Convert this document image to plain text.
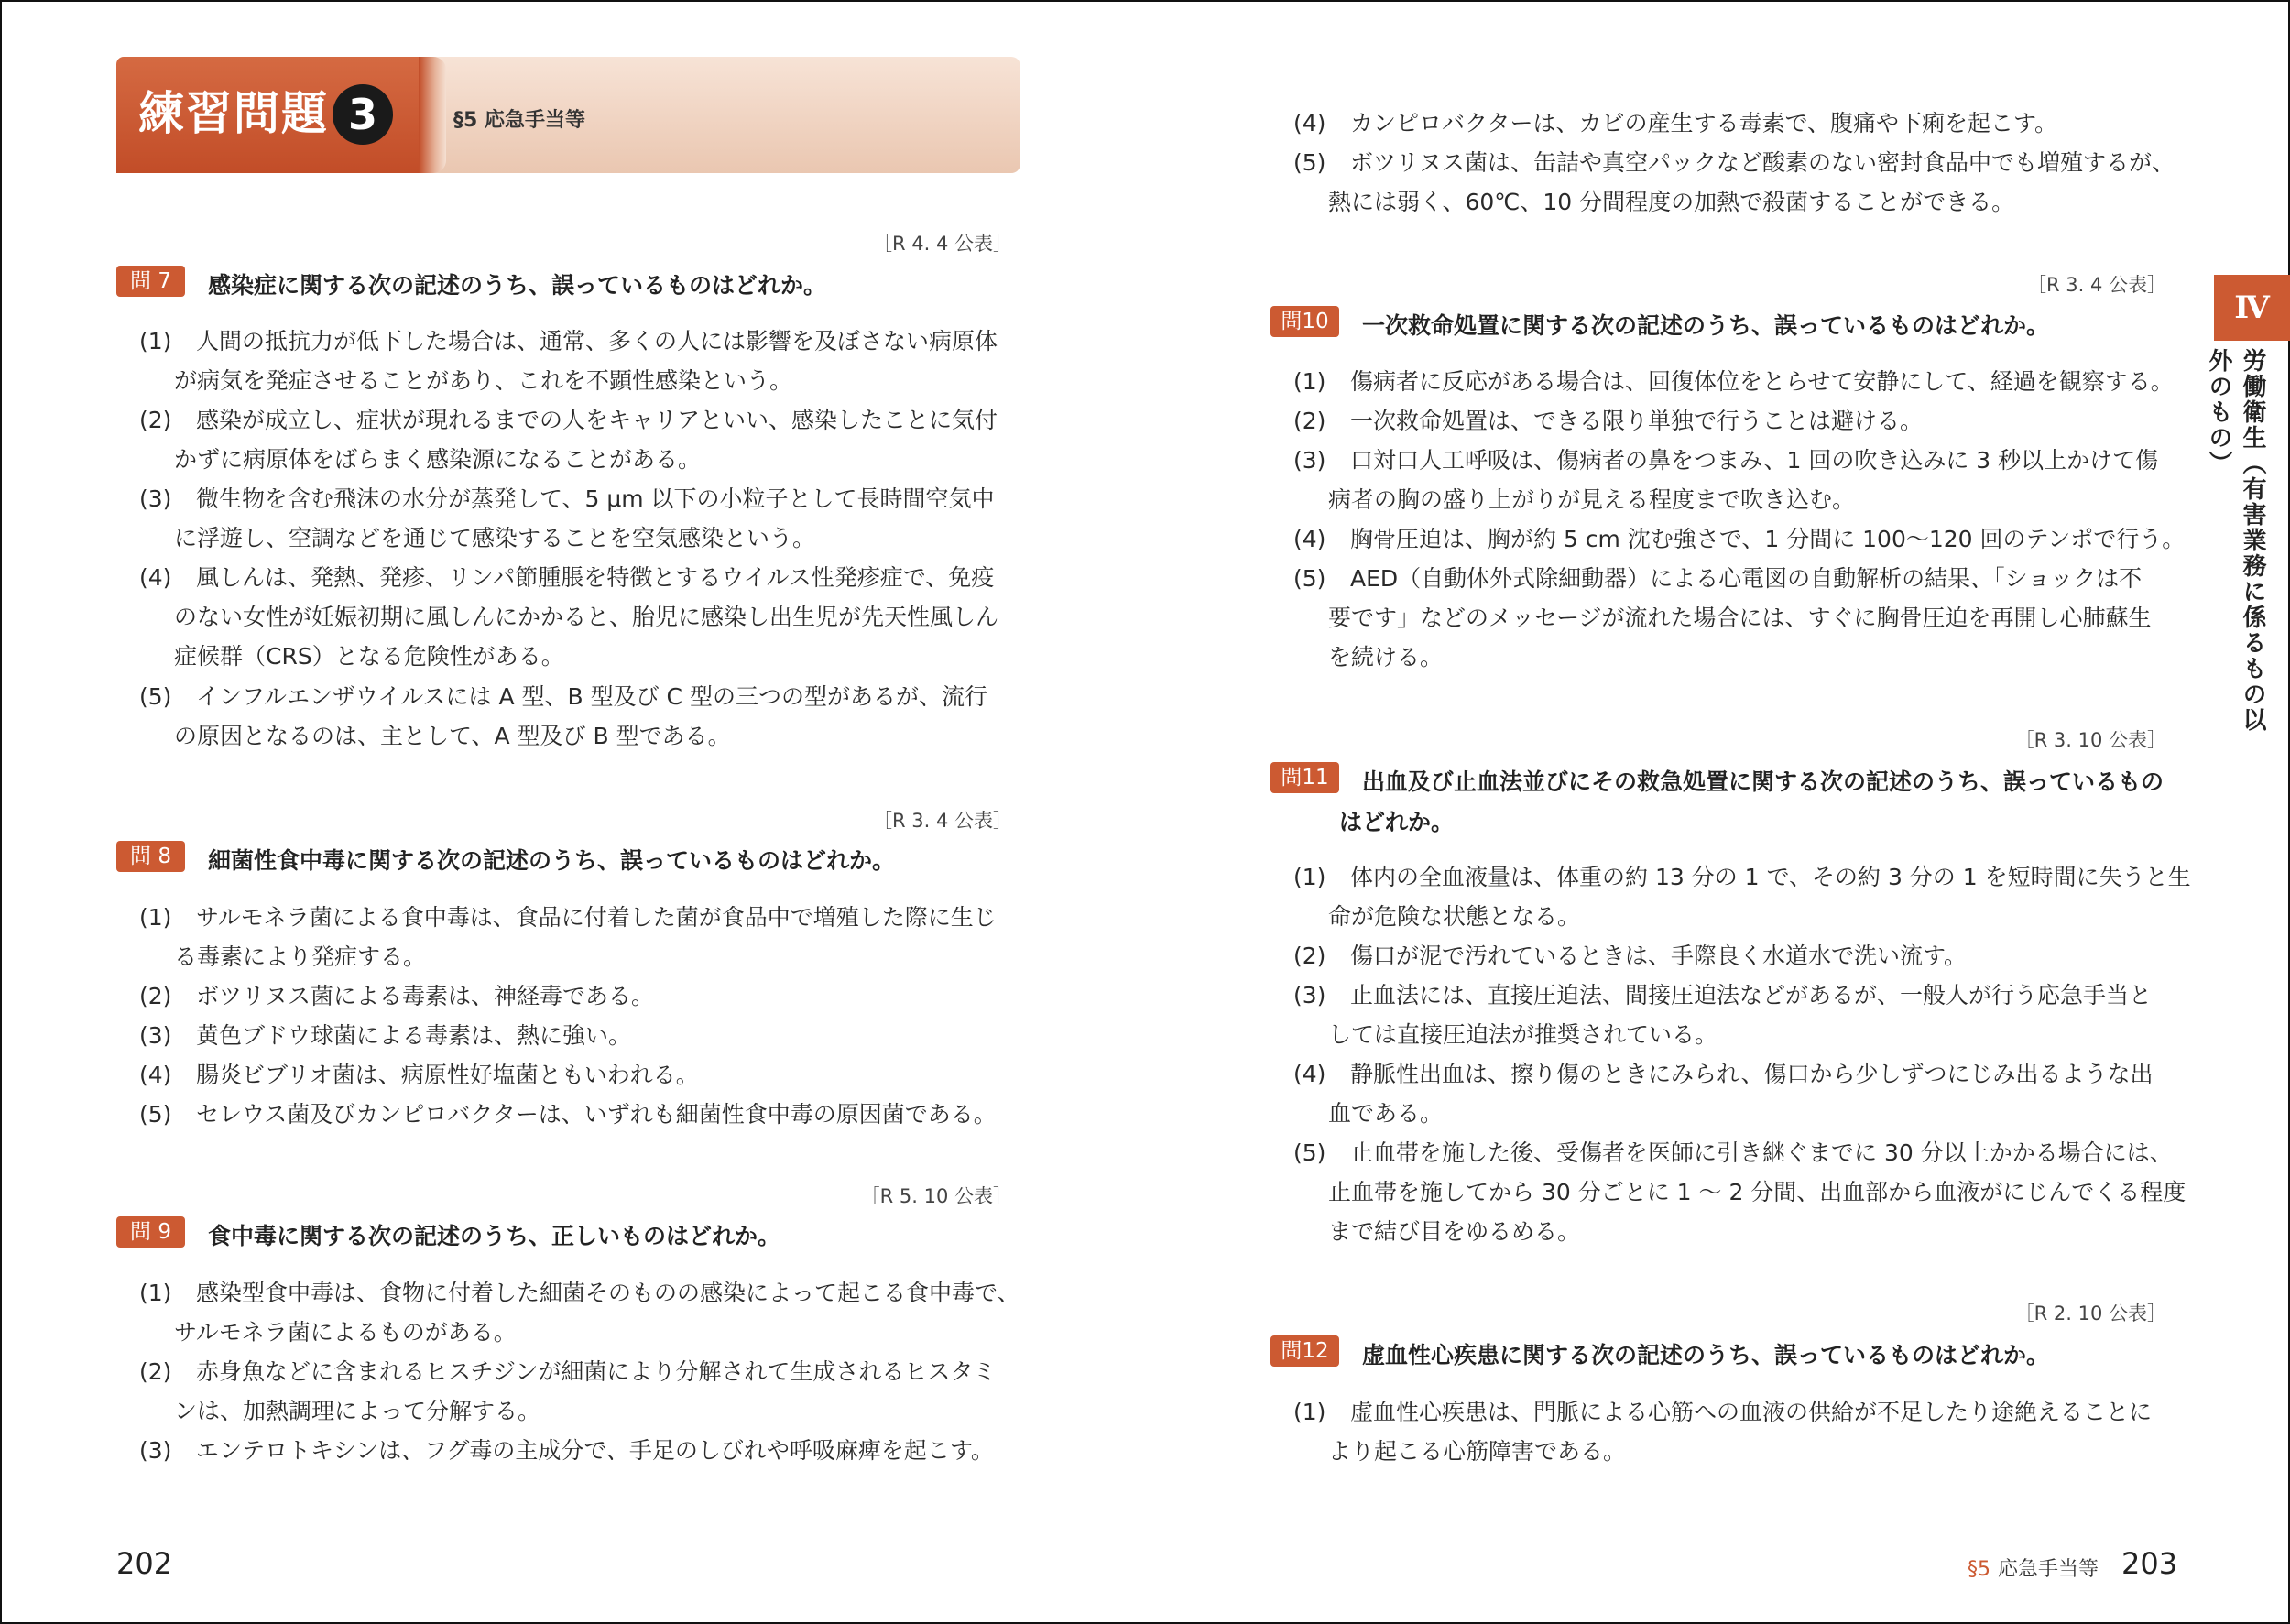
練習問題 3	§5 応急手当等
［R 4. 4 公表］
問 7	感染症に関する次の記述のうち、誤っているものはどれか。
(1)	人間の抵抗力が低下した場合は、通常、多くの人には影響を及ぼさない病原体
が病気を発症させることがあり、これを不顕性感染という。
(2)	感染が成立し、症状が現れるまでの人をキャリアといい、感染したことに気付
かずに病原体をばらまく感染源になることがある。
(3)	微生物を含む飛沫の水分が蒸発して、5 μm 以下の小粒子として長時間空気中
に浮遊し、空調などを通じて感染することを空気感染という。
(4)	風しんは、発熱、発疹、リンパ節腫脹を特徴とするウイルス性発疹症で、免疫
のない女性が妊娠初期に風しんにかかると、胎児に感染し出生児が先天性風しん
症候群（CRS）となる危険性がある。
(5)	インフルエンザウイルスには A 型、B 型及び C 型の三つの型があるが、流行
の原因となるのは、主として、A 型及び B 型である。
［R 3. 4 公表］
問 8	細菌性食中毒に関する次の記述のうち、誤っているものはどれか。
(1)	サルモネラ菌による食中毒は、食品に付着した菌が食品中で増殖した際に生じ
る毒素により発症する。
(2)	ボツリヌス菌による毒素は、神経毒である。
(3)	黄色ブドウ球菌による毒素は、熱に強い。
(4)	腸炎ビブリオ菌は、病原性好塩菌ともいわれる。
(5)	セレウス菌及びカンピロバクターは、いずれも細菌性食中毒の原因菌である。
［R 5. 10 公表］
問 9	食中毒に関する次の記述のうち、正しいものはどれか。
(1)	感染型食中毒は、食物に付着した細菌そのものの感染によって起こる食中毒で、
サルモネラ菌によるものがある。
(2)	赤身魚などに含まれるヒスチジンが細菌により分解されて生成されるヒスタミ
ンは、加熱調理によって分解する。
(3)	エンテロトキシンは、フグ毒の主成分で、手足のしびれや呼吸麻痺を起こす。
(4)	カンピロバクターは、カビの産生する毒素で、腹痛や下痢を起こす。
(5)	ボツリヌス菌は、缶詰や真空パックなど酸素のない密封食品中でも増殖するが、
熱には弱く、60℃、10 分間程度の加熱で殺菌することができる。
［R 3. 4 公表］
問10	一次救命処置に関する次の記述のうち、誤っているものはどれか。
(1)	傷病者に反応がある場合は、回復体位をとらせて安静にして、経過を観察する。
(2)	一次救命処置は、できる限り単独で行うことは避ける。
(3)	口対口人工呼吸は、傷病者の鼻をつまみ、1 回の吹き込みに 3 秒以上かけて傷
病者の胸の盛り上がりが見える程度まで吹き込む。
(4)	胸骨圧迫は、胸が約 5 cm 沈む強さで、1 分間に 100〜120 回のテンポで行う。
(5)	AED（自動体外式除細動器）による心電図の自動解析の結果、「ショックは不
要です」などのメッセージが流れた場合には、すぐに胸骨圧迫を再開し心肺蘇生
を続ける。
［R 3. 10 公表］
問11	出血及び止血法並びにその救急処置に関する次の記述のうち、誤っているもの
はどれか。
(1)	体内の全血液量は、体重の約 13 分の 1 で、その約 3 分の 1 を短時間に失うと生
命が危険な状態となる。
(2)	傷口が泥で汚れているときは、手際良く水道水で洗い流す。
(3)	止血法には、直接圧迫法、間接圧迫法などがあるが、一般人が行う応急手当と
しては直接圧迫法が推奨されている。
(4)	静脈性出血は、擦り傷のときにみられ、傷口から少しずつにじみ出るような出
血である。
(5)	止血帯を施した後、受傷者を医師に引き継ぐまでに 30 分以上かかる場合には、
止血帯を施してから 30 分ごとに 1 〜 2 分間、出血部から血液がにじんでくる程度
まで結び目をゆるめる。
［R 2. 10 公表］
問12	虚血性心疾患に関する次の記述のうち、誤っているものはどれか。
(1)	虚血性心疾患は、門脈による心筋への血液の供給が不足したり途絶えることに
より起こる心筋障害である。
Ⅳ
労働衛生（有害業務に係るもの以外のもの）
202	§5 応急手当等 203
